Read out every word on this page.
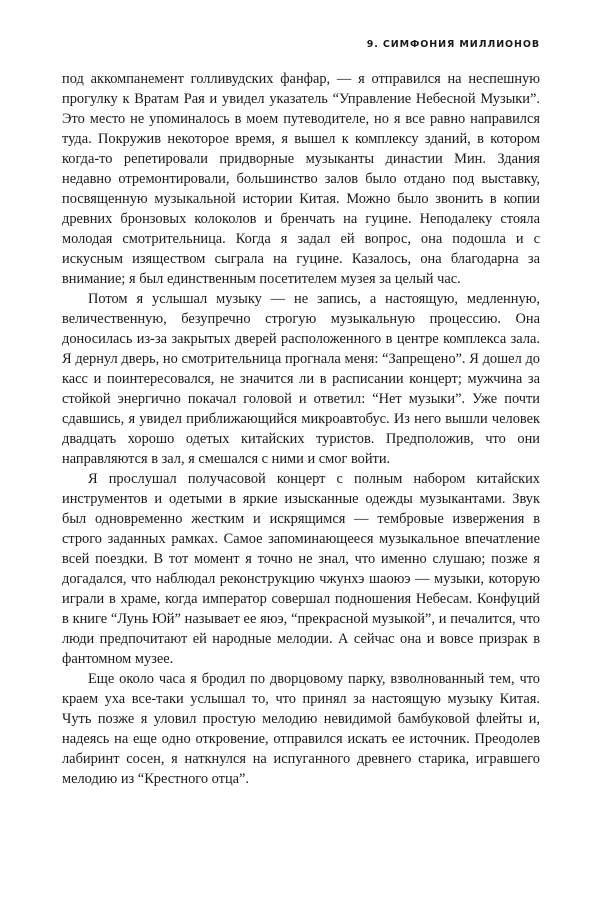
9. СИМФОНИЯ МИЛЛИОНОВ

под аккомпанемент голливудских фанфар, — я отправился на неспешную прогулку к Вратам Рая и увидел указатель “Управление Небесной Музыки”. Это место не упоминалось в моем путеводителе, но я все равно направился туда. Покружив некоторое время, я вышел к комплексу зданий, в котором когда-то репетировали придворные музыканты династии Мин. Здания недавно отремонтировали, большинство залов было отдано под выставку, посвященную музыкальной истории Китая. Можно было звонить в копии древних бронзовых колоколов и бренчать на гуцине. Неподалеку стояла молодая смотрительница. Когда я задал ей вопрос, она подошла и с искусным изяществом сыграла на гуцине. Казалось, она благодарна за внимание; я был единственным посетителем музея за целый час.

Потом я услышал музыку — не запись, а настоящую, медленную, величественную, безупречно строгую музыкальную процессию. Она доносилась из-за закрытых дверей расположенного в центре комплекса зала. Я дернул дверь, но смотрительница прогнала меня: “Запрещено”. Я дошел до касс и поинтересовался, не значится ли в расписании концерт; мужчина за стойкой энергично покачал головой и ответил: “Нет музыки”. Уже почти сдавшись, я увидел приближающийся микроавтобус. Из него вышли человек двадцать хорошо одетых китайских туристов. Предположив, что они направляются в зал, я смешался с ними и смог войти.

Я прослушал получасовой концерт с полным набором китайских инструментов и одетыми в яркие изысканные одежды музыкантами. Звук был одновременно жестким и искрящимся — тембровые извержения в строго заданных рамках. Самое запоминающееся музыкальное впечатление всей поездки. В тот момент я точно не знал, что именно слушаю; позже я догадался, что наблюдал реконструкцию чжунхэ шаоюэ — музыки, которую играли в храме, когда император совершал подношения Небесам. Конфуций в книге “Лунь Юй” называет ее яюэ, “прекрасной музыкой”, и печалится, что люди предпочитают ей народные мелодии. А сейчас она и вовсе призрак в фантомном музее.

Еще около часа я бродил по дворцовому парку, взволнованный тем, что краем уха все-таки услышал то, что принял за настоящую музыку Китая. Чуть позже я уловил простую мелодию невидимой бамбуковой флейты и, надеясь на еще одно откровение, отправился искать ее источник. Преодолев лабиринт сосен, я наткнулся на испуганного древнего старика, игравшего мелодию из “Крестного отца”.
